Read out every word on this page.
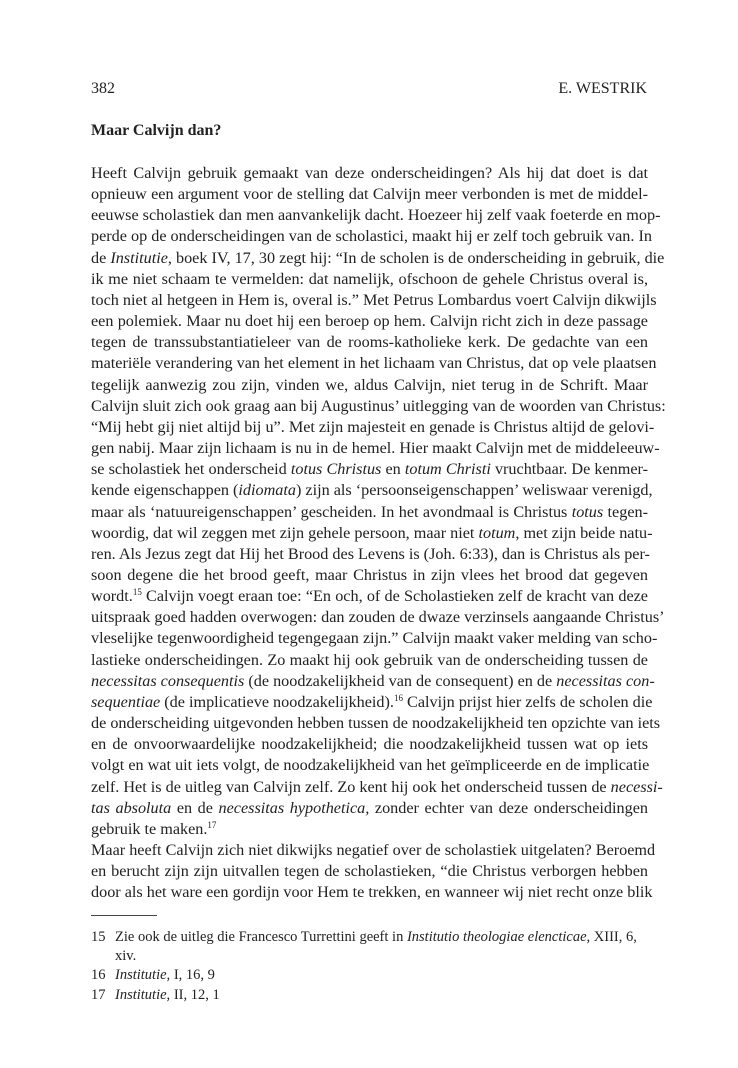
382	E. WESTRIK
Maar Calvijn dan?
Heeft Calvijn gebruik gemaakt van deze onderscheidingen? Als hij dat doet is dat
opnieuw een argument voor de stelling dat Calvijn meer verbonden is met de middel-
eeuwse scholastiek dan men aanvankelijk dacht. Hoezeer hij zelf vaak foeterde en mop-
perde op de onderscheidingen van de scholastici, maakt hij er zelf toch gebruik van. In
de Institutie, boek IV, 17, 30 zegt hij: “In de scholen is de onderscheiding in gebruik, die
ik me niet schaam te vermelden: dat namelijk, ofschoon de gehele Christus overal is,
toch niet al hetgeen in Hem is, overal is.” Met Petrus Lombardus voert Calvijn dikwijls
een polemiek. Maar nu doet hij een beroep op hem. Calvijn richt zich in deze passage
tegen de transsubstantiatieleer van de rooms-katholieke kerk. De gedachte van een
materiële verandering van het element in het lichaam van Christus, dat op vele plaatsen
tegelijk aanwezig zou zijn, vinden we, aldus Calvijn, niet terug in de Schrift. Maar
Calvijn sluit zich ook graag aan bij Augustinus’ uitlegging van de woorden van Christus:
“Mij hebt gij niet altijd bij u”. Met zijn majesteit en genade is Christus altijd de gelovi-
gen nabij. Maar zijn lichaam is nu in de hemel. Hier maakt Calvijn met de middeleeuw-
se scholastiek het onderscheid totus Christus en totum Christi vruchtbaar. De kenmer-
kende eigenschappen (idiomata) zijn als ‘persoonseigenschappen’ weliswaar verenigd,
maar als ‘natuureigenschappen’ gescheiden. In het avondmaal is Christus totus tegen-
woordig, dat wil zeggen met zijn gehele persoon, maar niet totum, met zijn beide natu-
ren. Als Jezus zegt dat Hij het Brood des Levens is (Joh. 6:33), dan is Christus als per-
soon degene die het brood geeft, maar Christus in zijn vlees het brood dat gegeven
wordt.$^{15}$ Calvijn voegt eraan toe: “En och, of de Scholastieken zelf de kracht van deze
uitspraak goed hadden overwogen: dan zouden de dwaze verzinsels aangaande Christus’
vleselijke tegenwoordigheid tegengegaan zijn.” Calvijn maakt vaker melding van scho-
lastieke onderscheidingen. Zo maakt hij ook gebruik van de onderscheiding tussen de
necessitas consequentis (de noodzakelijkheid van de consequent) en de necessitas con-
sequentiae (de implicatieve noodzakelijkheid).$^{16}$ Calvijn prijst hier zelfs de scholen die
de onderscheiding uitgevonden hebben tussen de noodzakelijkheid ten opzichte van iets
en de onvoorwaardelijke noodzakelijkheid; die noodzakelijkheid tussen wat op iets
volgt en wat uit iets volgt, de noodzakelijkheid van het geïmpliceerde en de implicatie
zelf. Het is de uitleg van Calvijn zelf. Zo kent hij ook het onderscheid tussen de necessi-
tas absoluta en de necessitas hypothetica, zonder echter van deze onderscheidingen
gebruik te maken.$^{17}$
Maar heeft Calvijn zich niet dikwijks negatief over de scholastiek uitgelaten? Beroemd
en berucht zijn zijn uitvallen tegen de scholastieken, “die Christus verborgen hebben
door als het ware een gordijn voor Hem te trekken, en wanneer wij niet recht onze blik
15 Zie ook de uitleg die Francesco Turrettini geeft in Institutio theologiae elencticae, XIII, 6,
xiv.
16 Institutie, I, 16, 9
17 Institutie, II, 12, 1
